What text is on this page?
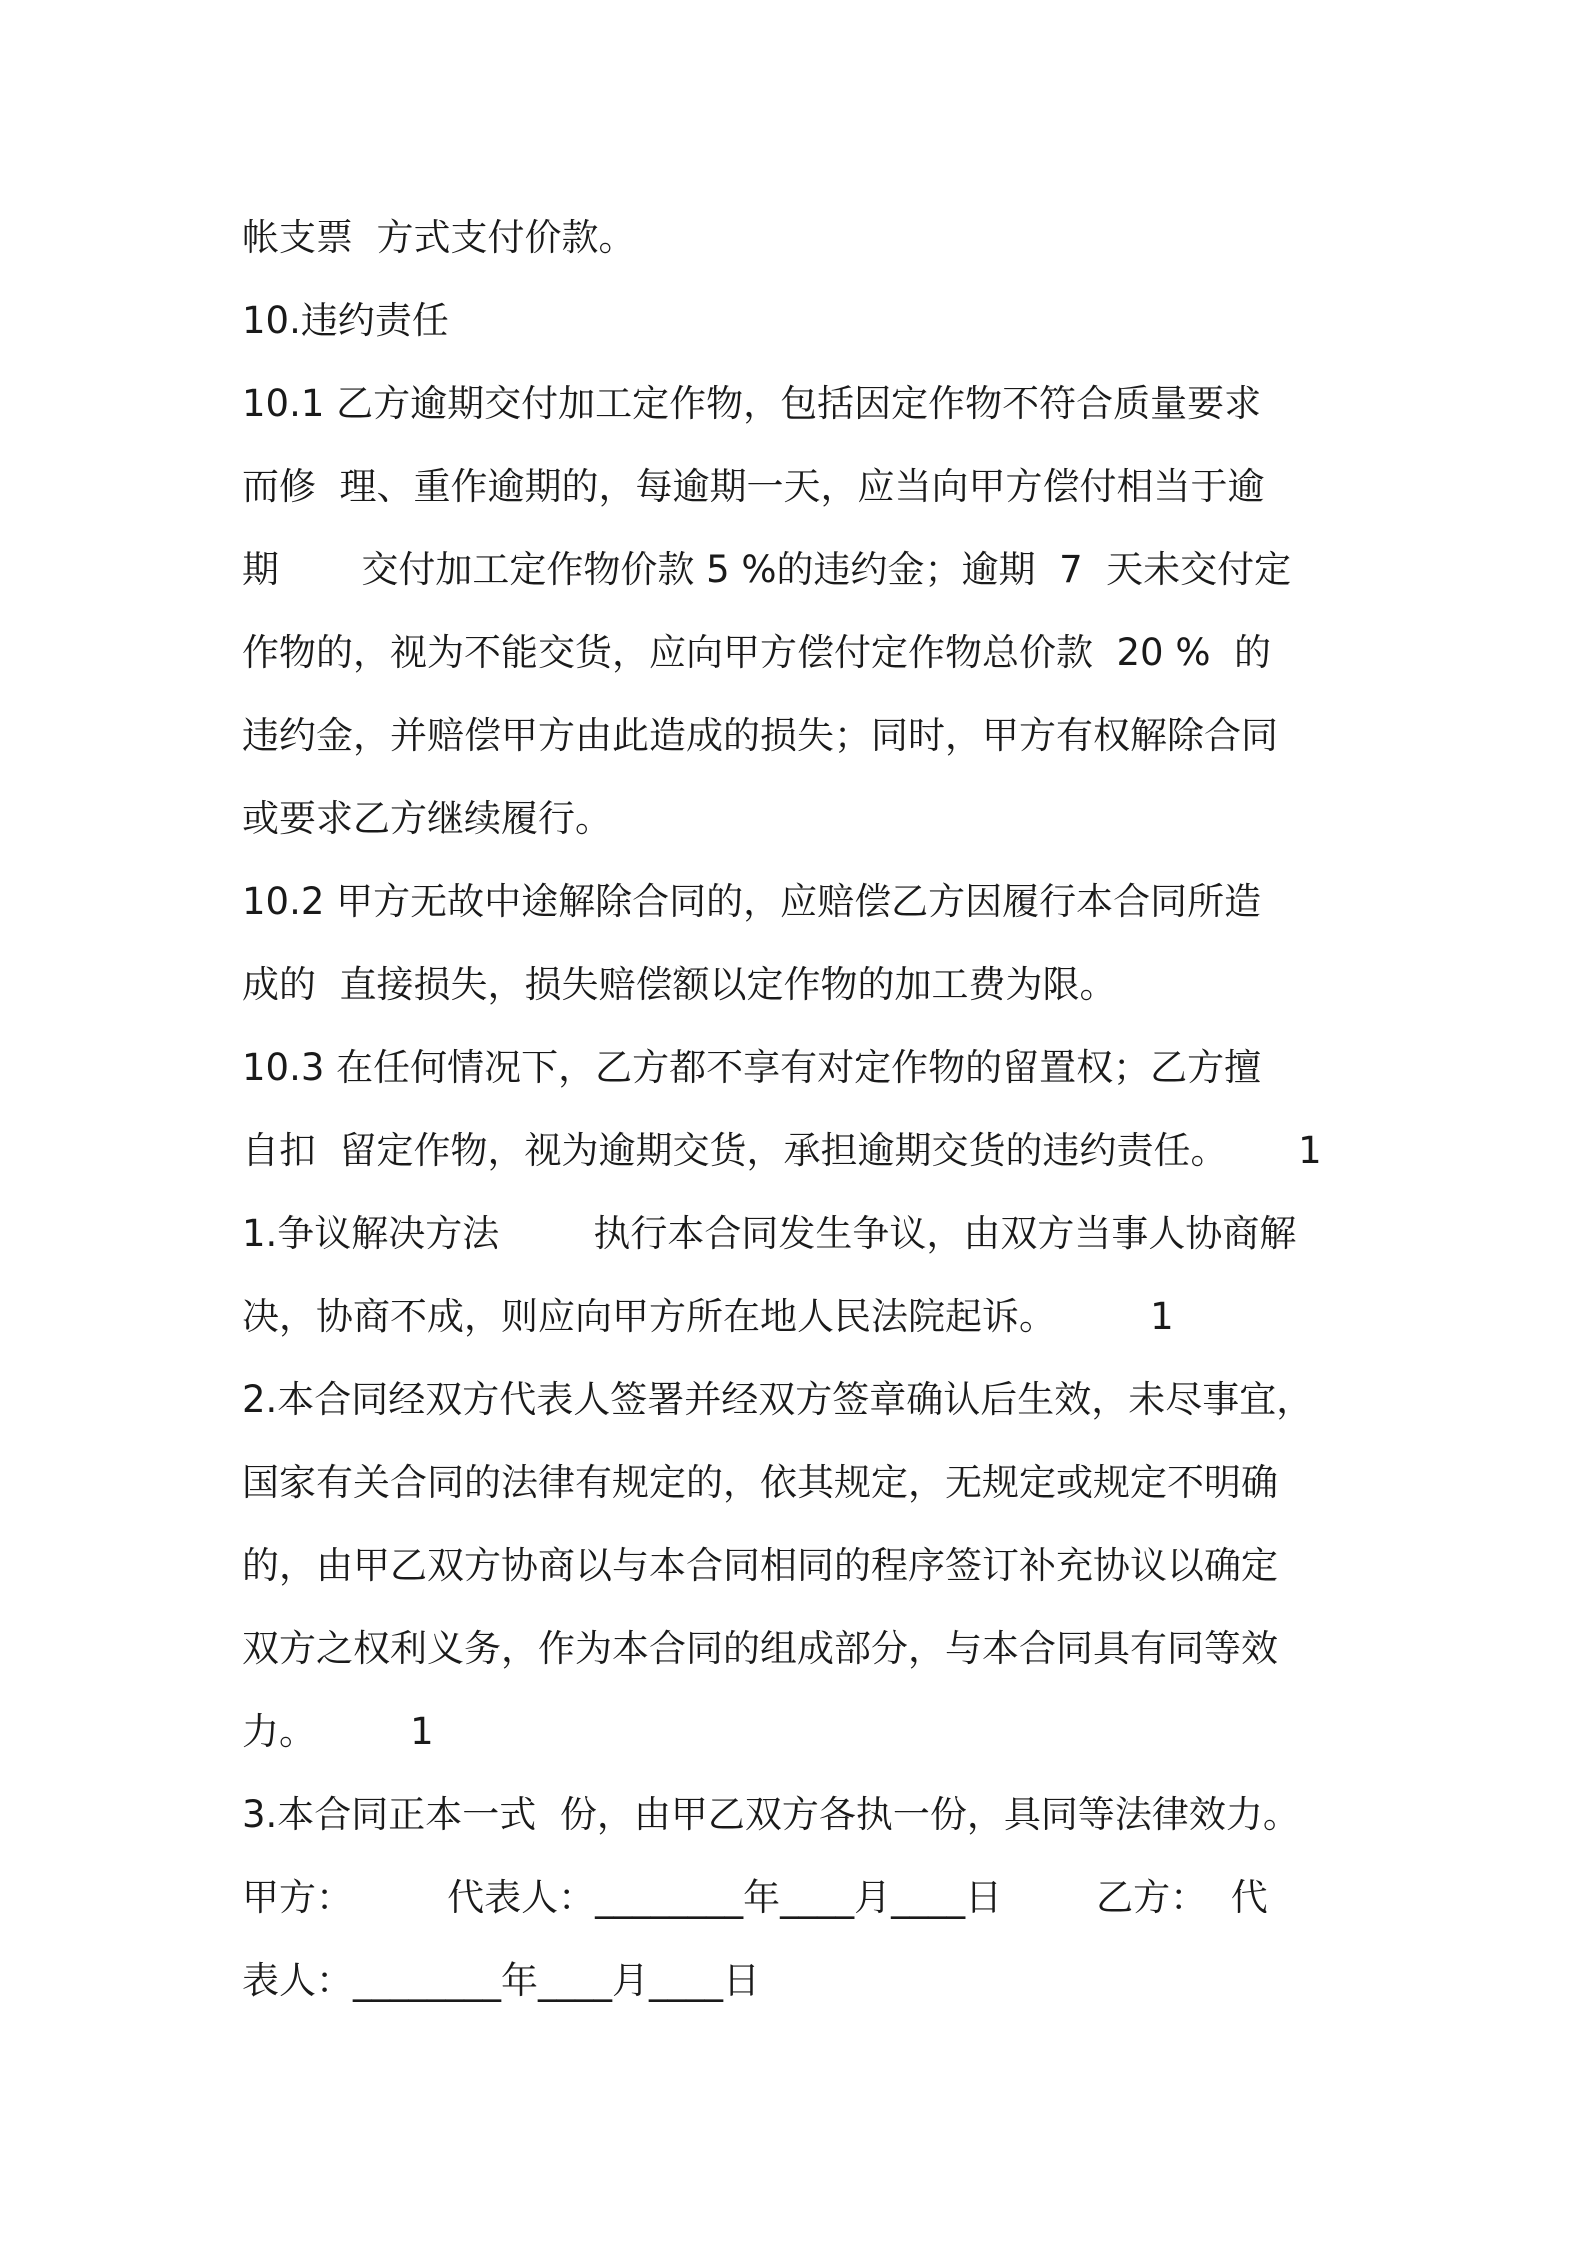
帐支票  方式支付价款。
10.违约责任
10.1 乙方逾期交付加工定作物，包括因定作物不符合质量要求
而修  理、重作逾期的，每逾期一天，应当向甲方偿付相当于逾
期       交付加工定作物价款 5 %的违约金；逾期  7  天未交付定
作物的，视为不能交货，应向甲方偿付定作物总价款  20 %  的
违约金，并赔偿甲方由此造成的损失；同时，甲方有权解除合同
或要求乙方继续履行。
10.2 甲方无故中途解除合同的，应赔偿乙方因履行本合同所造
成的  直接损失，损失赔偿额以定作物的加工费为限。
10.3 在任何情况下，乙方都不享有对定作物的留置权；乙方擅
自扣  留定作物，视为逾期交货，承担逾期交货的违约责任。      1
1.争议解决方法        执行本合同发生争议，由双方当事人协商解
决，协商不成，则应向甲方所在地人民法院起诉。        1
2.本合同经双方代表人签署并经双方签章确认后生效，未尽事宜，
国家有关合同的法律有规定的，依其规定，无规定或规定不明确
的，由甲乙双方协商以与本合同相同的程序签订补充协议以确定
双方之权利义务，作为本合同的组成部分，与本合同具有同等效
力。        1
3.本合同正本一式  份，由甲乙双方各执一份，具同等法律效力。
甲方：        代表人：________年____月____日        乙方：  代
表人：________年____月____日
